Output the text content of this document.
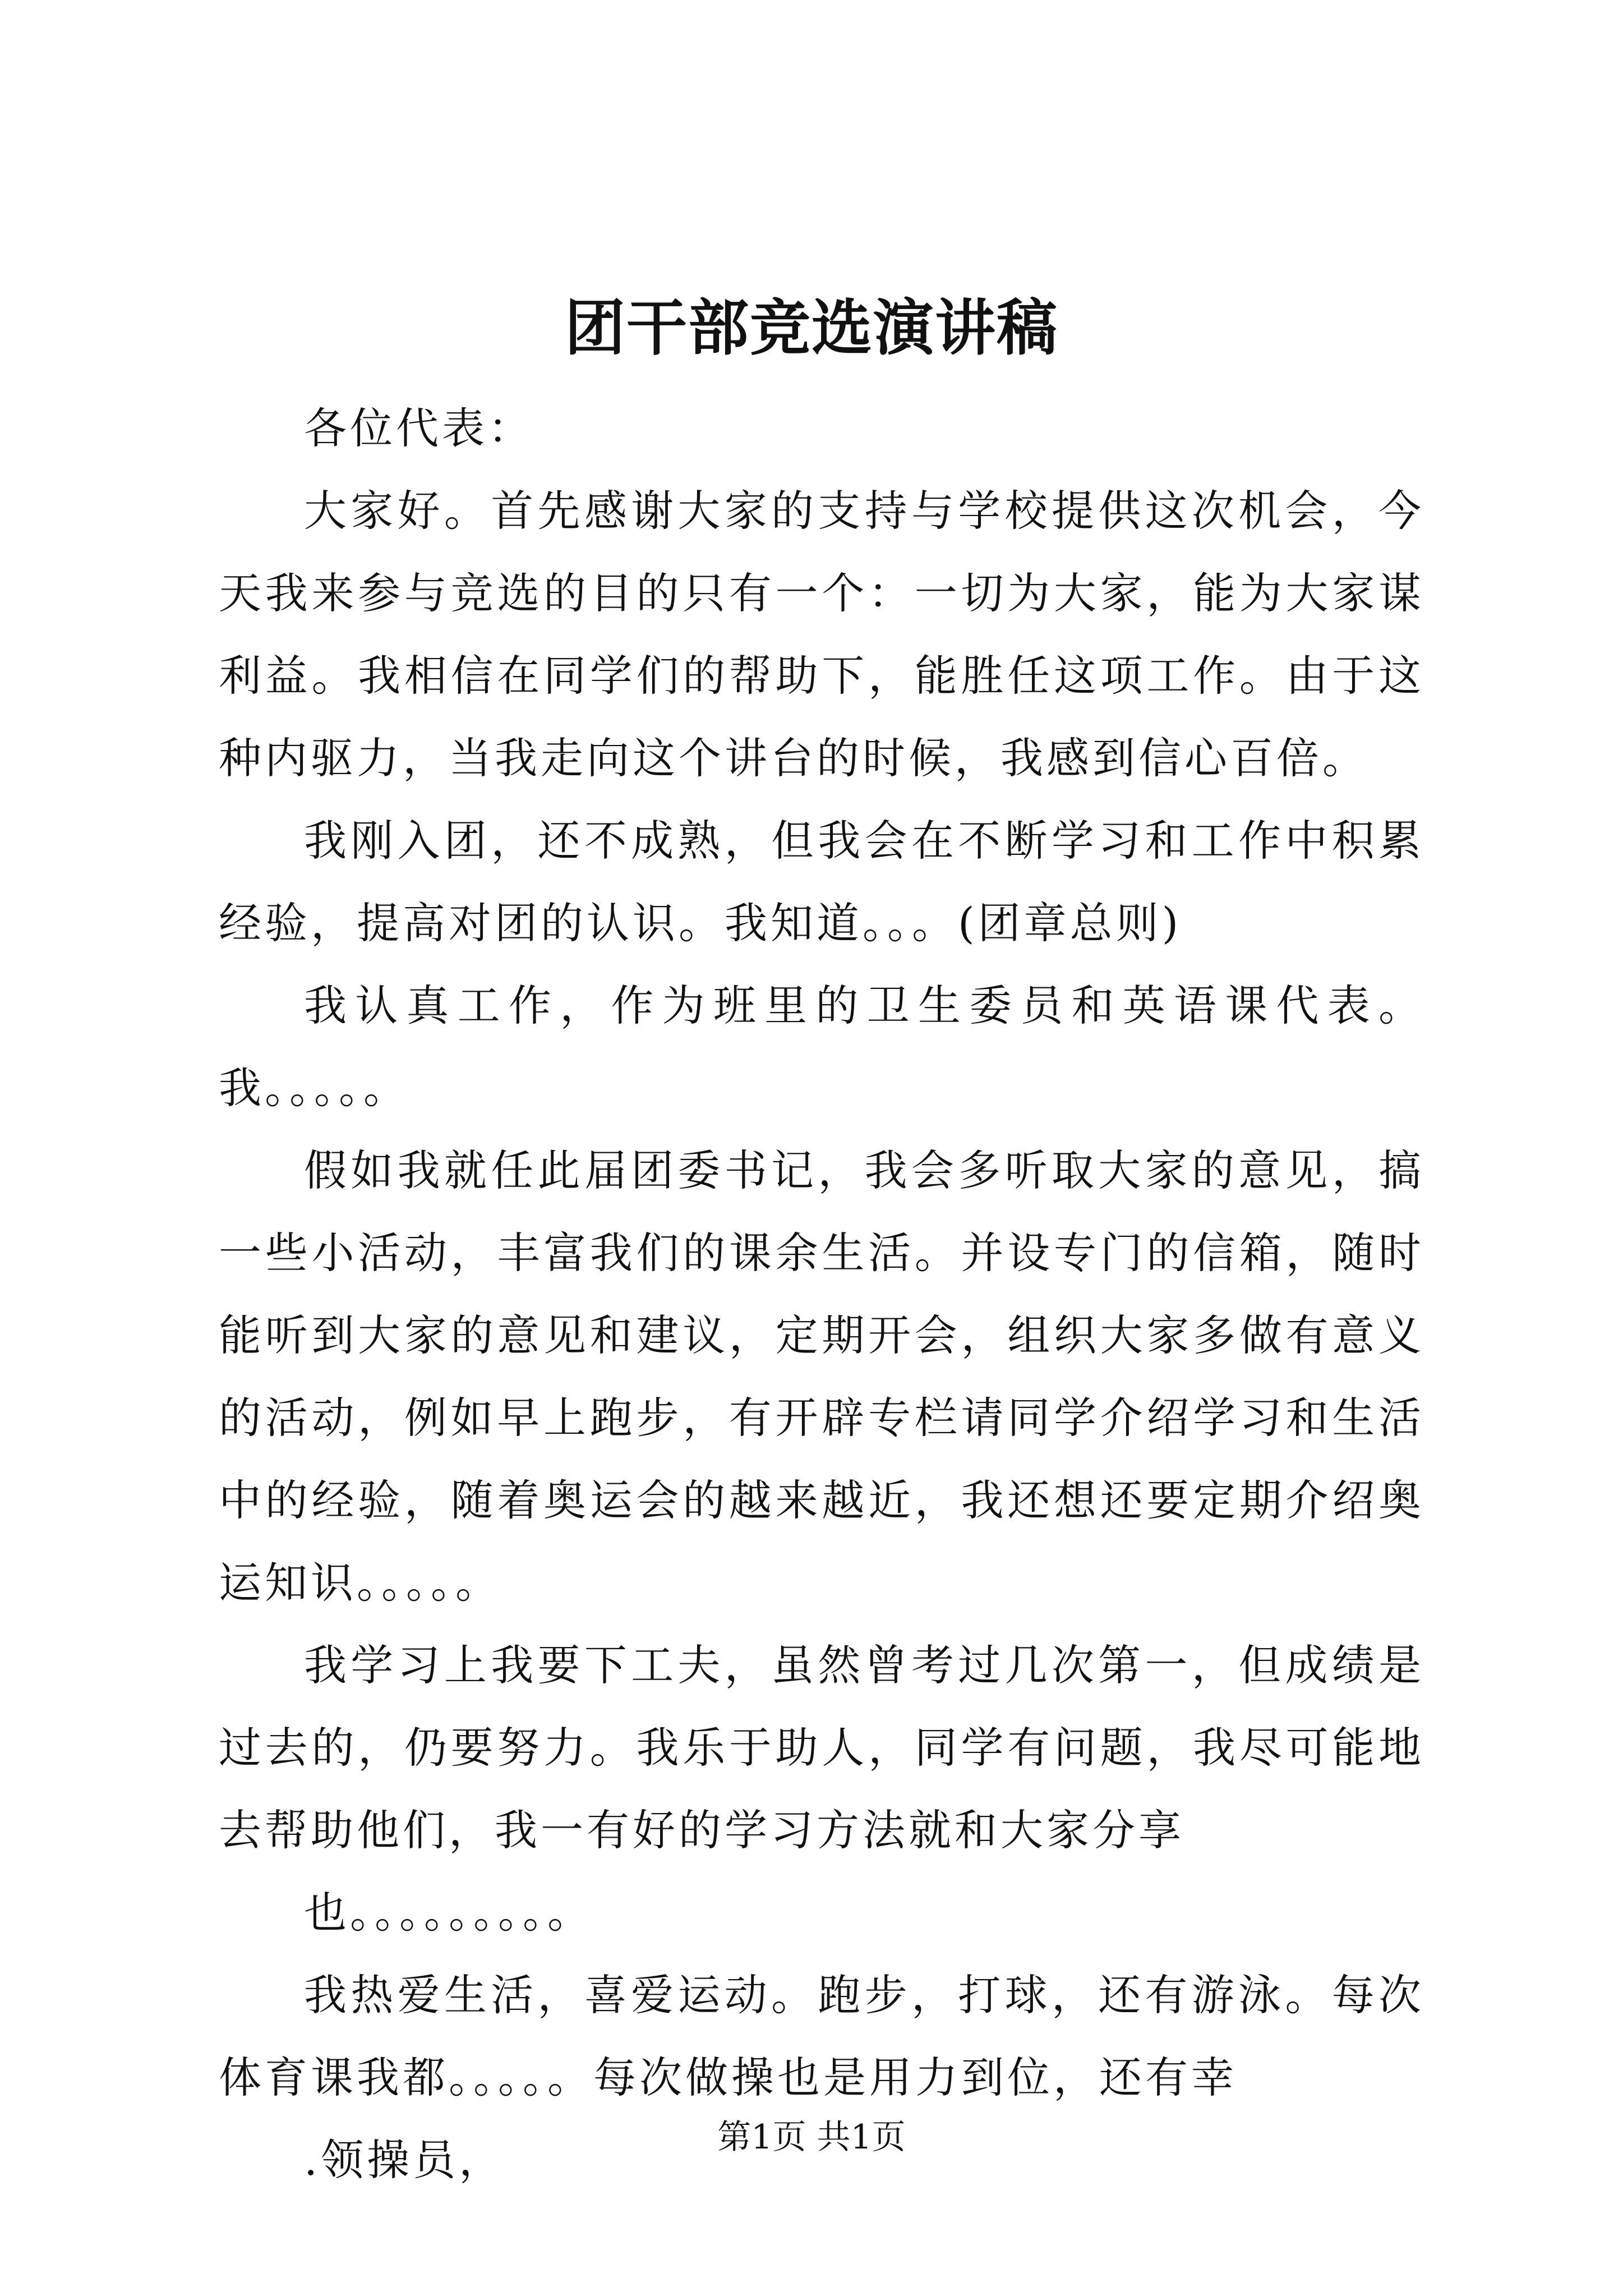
团干部竞选演讲稿

各位代表：

大家好。首先感谢大家的支持与学校提供这次机会，今天我来参与竞选的目的只有一个：一切为大家，能为大家谋利益。我相信在同学们的帮助下，能胜任这项工作。由于这种内驱力，当我走向这个讲台的时候，我感到信心百倍。

我刚入团，还不成熟，但我会在不断学习和工作中积累经验，提高对团的认识。我知道。。。(团章总则)

我认真工作，作为班里的卫生委员和英语课代表。我。。。。。

假如我就任此届团委书记，我会多听取大家的意见，搞一些小活动，丰富我们的课余生活。并设专门的信箱，随时能听到大家的意见和建议，定期开会，组织大家多做有意义的活动，例如早上跑步，有开辟专栏请同学介绍学习和生活中的经验，随着奥运会的越来越近，我还想还要定期介绍奥运知识。。。。。

我学习上我要下工夫，虽然曾考过几次第一，但成绩是过去的，仍要努力。我乐于助人，同学有问题，我尽可能地去帮助他们，我一有好的学习方法就和大家分享

也。。。。。。。。。

我热爱生活，喜爱运动。跑步，打球，还有游泳。每次体育课我都。。。。。每次做操也是用力到位，还有幸

.领操员，	第1页 共1页
